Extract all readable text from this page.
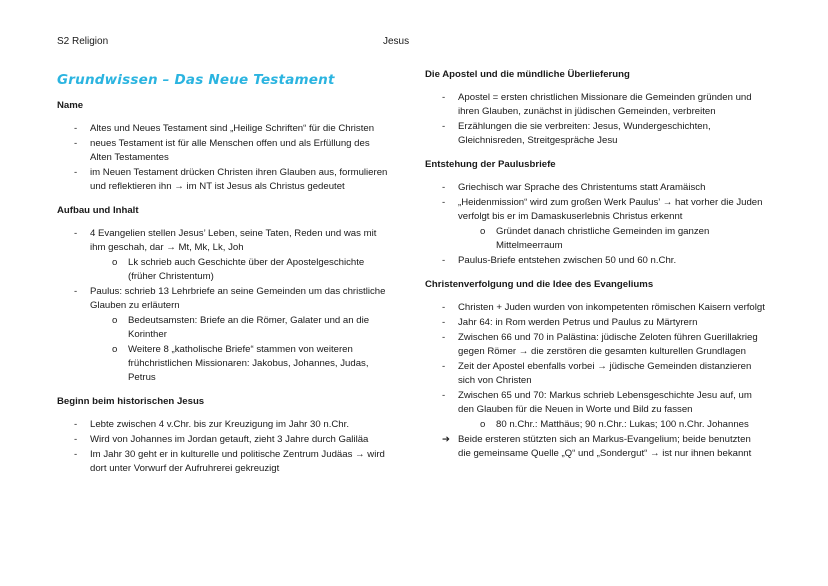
S2 Religion	Jesus
Grundwissen – Das Neue Testament
Name
- Altes und Neues Testament sind „Heilige Schriften“ für die Christen
- neues Testament ist für alle Menschen offen und als Erfüllung des Alten Testamentes
- im Neuen Testament drücken Christen ihren Glauben aus, formulieren und reflektieren ihn → im NT ist Jesus als Christus gedeutet
Aufbau und Inhalt
- 4 Evangelien stellen Jesus’ Leben, seine Taten, Reden und was mit ihm geschah, dar → Mt, Mk, Lk, Joh
o Lk schrieb auch Geschichte über der Apostelgeschichte (früher Christentum)
- Paulus: schrieb 13 Lehrbriefe an seine Gemeinden um das christliche Glauben zu erläutern
o Bedeutsamsten: Briefe an die Römer, Galater und an die Korinther
o Weitere 8 „katholische Briefe“ stammen von weiteren frühchristlichen Missionaren: Jakobus, Johannes, Judas, Petrus
Beginn beim historischen Jesus
- Lebte zwischen 4 v.Chr. bis zur Kreuzigung im Jahr 30 n.Chr.
- Wird von Johannes im Jordan getauft, zieht 3 Jahre durch Galiläa
- Im Jahr 30 geht er in kulturelle und politische Zentrum Judäas → wird dort unter Vorwurf der Aufruhrerei gekreuzigt
Die Apostel und die mündliche Überlieferung
- Apostel = ersten christlichen Missionare die Gemeinden gründen und ihren Glauben, zunächst in jüdischen Gemeinden, verbreiten
- Erzählungen die sie verbreiten: Jesus, Wundergeschichten, Gleichnisreden, Streitgespräche Jesu
Entstehung der Paulusbriefe
- Griechisch war Sprache des Christentums statt Aramäisch
- „Heidenmission“ wird zum großen Werk Paulus’ → hat vorher die Juden verfolgt bis er im Damaskuserlebnis Christus erkennt
o Gründet danach christliche Gemeinden im ganzen Mittelmeerraum
- Paulus-Briefe entstehen zwischen 50 und 60 n.Chr.
Christenverfolgung und die Idee des Evangeliums
- Christen + Juden wurden von inkompetenten römischen Kaisern verfolgt
- Jahr 64: in Rom werden Petrus und Paulus zu Märtyrern
- Zwischen 66 und 70 in Palästina: jüdische Zeloten führen Guerillakrieg gegen Römer → die zerstören die gesamten kulturellen Grundlagen
- Zeit der Apostel ebenfalls vorbei → jüdische Gemeinden distanzieren sich von Christen
- Zwischen 65 und 70: Markus schrieb Lebensgeschichte Jesu auf, um den Glauben für die Neuen in Worte und Bild zu fassen
o 80 n.Chr.: Matthäus; 90 n.Chr.: Lukas; 100 n.Chr. Johannes
➔ Beide ersteren stützten sich an Markus-Evangelium; beide benutzten die gemeinsame Quelle „Q“ und „Sondergut“ → ist nur ihnen bekannt
